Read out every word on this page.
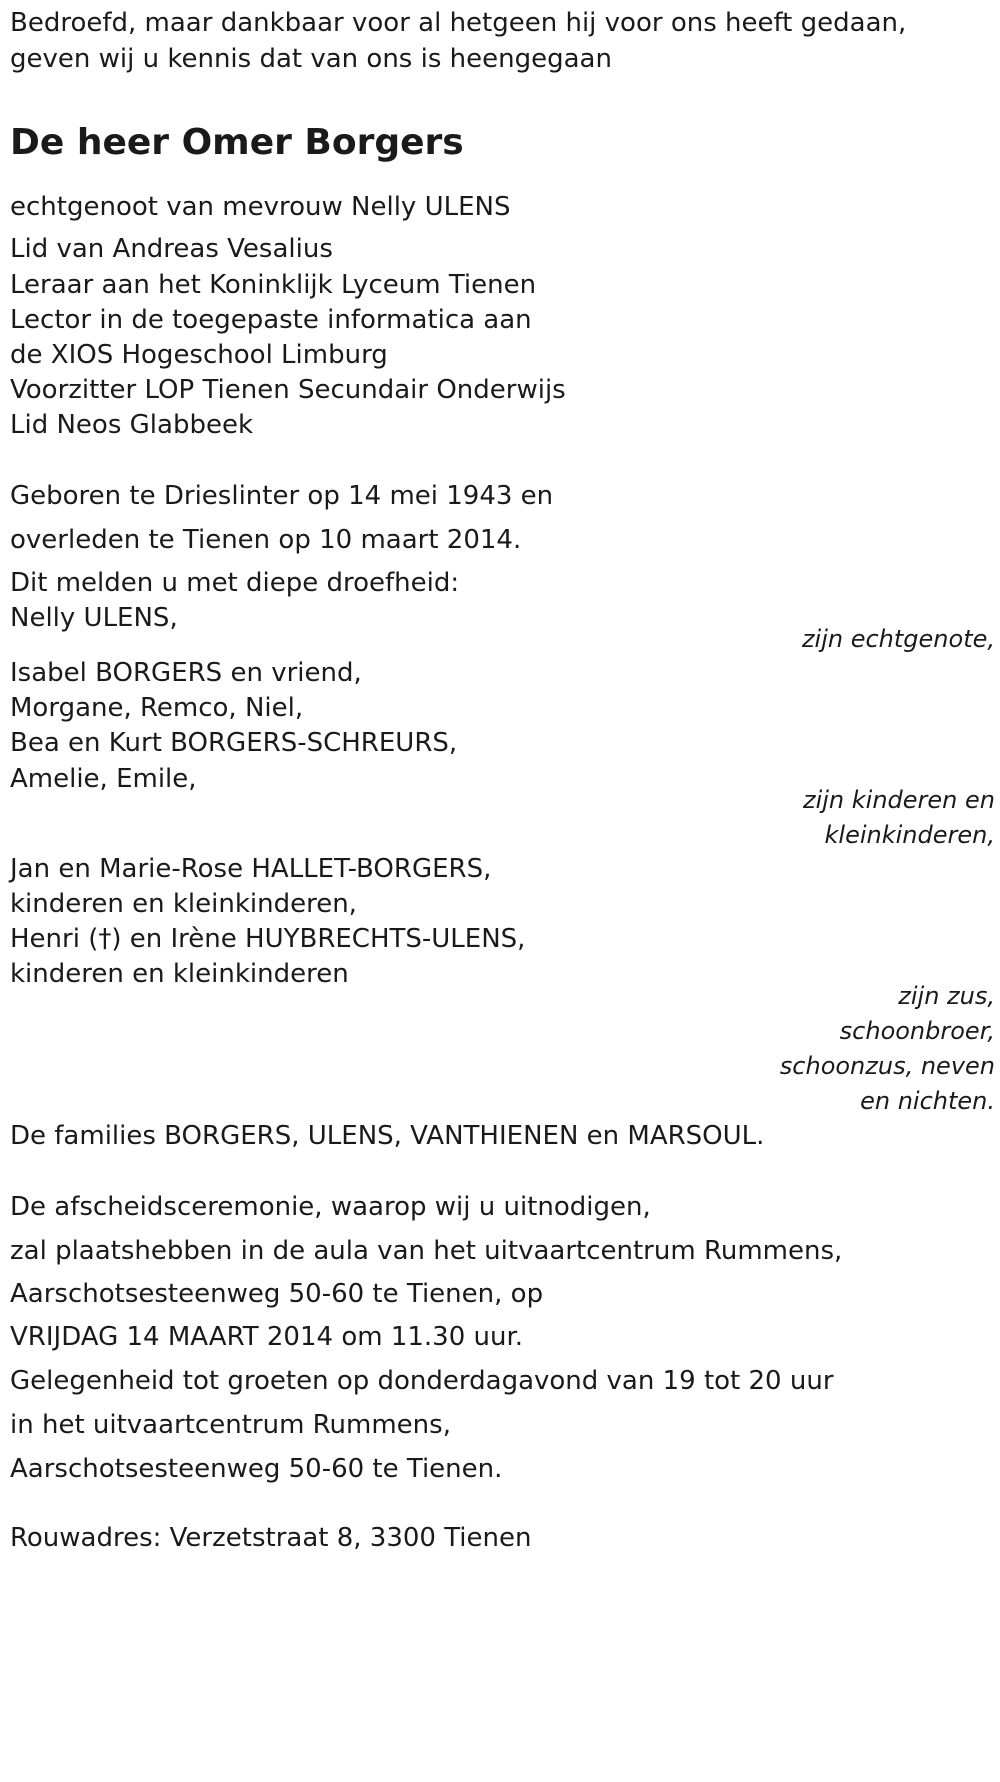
Bedroefd, maar dankbaar voor al hetgeen hij voor ons heeft gedaan,
geven wij u kennis dat van ons is heengegaan
De heer Omer Borgers
echtgenoot van mevrouw Nelly ULENS
Lid van Andreas Vesalius
Leraar aan het Koninklijk Lyceum Tienen
Lector in de toegepaste informatica aan
de XIOS Hogeschool Limburg
Voorzitter LOP Tienen Secundair Onderwijs
Lid Neos Glabbeek
Geboren te Drieslinter op 14 mei 1943 en
overleden te Tienen op 10 maart 2014.
Dit melden u met diepe droefheid:
Nelly ULENS,
zijn echtgenote,
Isabel BORGERS en vriend,
Morgane, Remco, Niel,
Bea en Kurt BORGERS-SCHREURS,
Amelie, Emile,
zijn kinderen en
kleinkinderen,
Jan en Marie-Rose HALLET-BORGERS,
kinderen en kleinkinderen,
Henri (†) en Irène HUYBRECHTS-ULENS,
kinderen en kleinkinderen
zijn zus,
schoonbroer,
schoonzus, neven
en nichten.
De families BORGERS, ULENS, VANTHIENEN en MARSOUL.
De afscheidsceremonie, waarop wij u uitnodigen,
zal plaatshebben in de aula van het uitvaartcentrum Rummens,
Aarschotsesteenweg 50-60 te Tienen, op
VRIJDAG 14 MAART 2014 om 11.30 uur.
Gelegenheid tot groeten op donderdagavond van 19 tot 20 uur
in het uitvaartcentrum Rummens,
Aarschotsesteenweg 50-60 te Tienen.
Rouwadres: Verzetstraat 8, 3300 Tienen
